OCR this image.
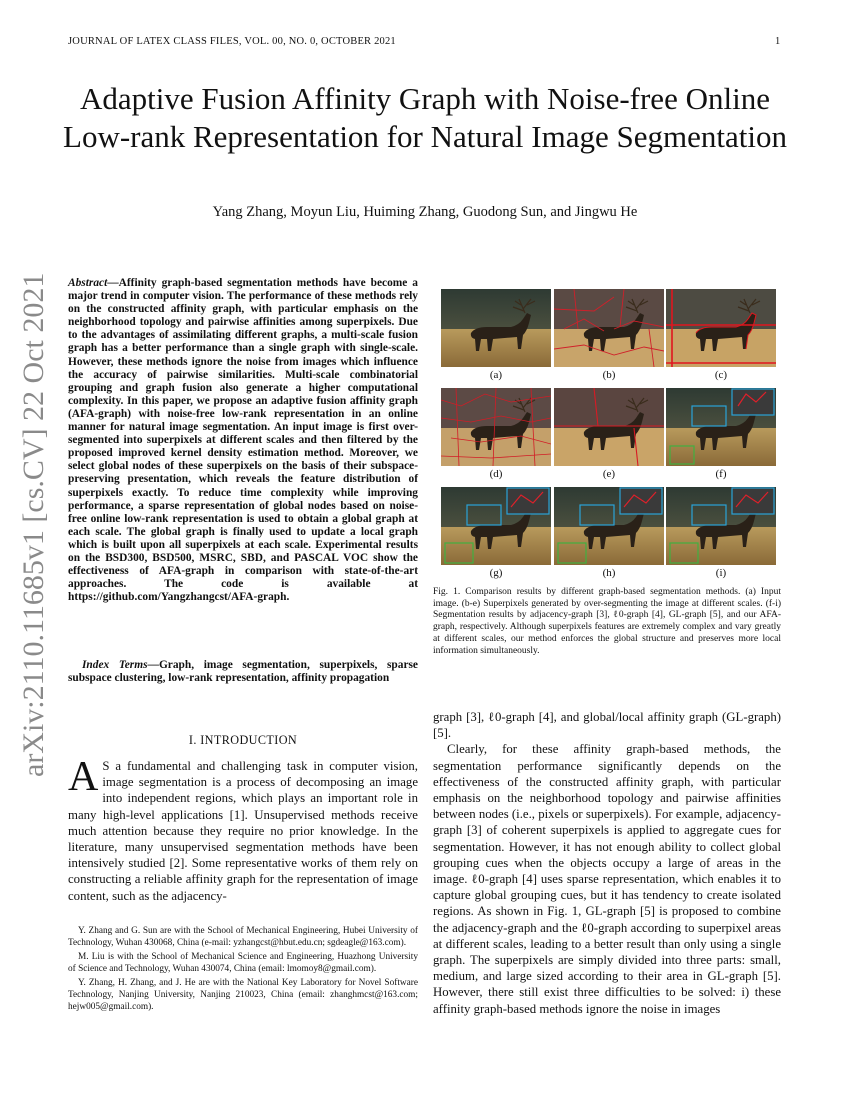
JOURNAL OF LATEX CLASS FILES, VOL. 00, NO. 0, OCTOBER 2021	1
Adaptive Fusion Affinity Graph with Noise-free Online Low-rank Representation for Natural Image Segmentation
Yang Zhang, Moyun Liu, Huiming Zhang, Guodong Sun, and Jingwu He
arXiv:2110.11685v1 [cs.CV] 22 Oct 2021 Abstract—Affinity graph-based segmentation methods have become a major trend in computer vision. The performance of these methods rely on the constructed affinity graph, with particular emphasis on the neighborhood topology and pairwise affinities among superpixels. Due to the advantages of assimilating different graphs, a multi-scale fusion graph has a better performance than a single graph with single-scale. However, these methods ignore the noise from images which influence the accuracy of pairwise similarities. Multi-scale combinatorial grouping and graph fusion also generate a higher computational complexity. In this paper, we propose an adaptive fusion affinity graph (AFA-graph) with noise-free low-rank representation in an online manner for natural image segmentation. An input image is first over-segmented into superpixels at different scales and then filtered by the proposed improved kernel density estimation method. Moreover, we select global nodes of these superpixels on the basis of their subspace-preserving presentation, which reveals the feature distribution of superpixels exactly. To reduce time complexity while improving performance, a sparse representation of global nodes based on noise-free online low-rank representation is used to obtain a global graph at each scale. The global graph is finally used to update a local graph which is built upon all superpixels at each scale. Experimental results on the BSD300, BSD500, MSRC, SBD, and PASCAL VOC show the effectiveness of AFA-graph in comparison with state-of-the-art approaches. The code is available at https://github.com/Yangzhangcst/AFA-graph.
Index Terms—Graph, image segmentation, superpixels, sparse subspace clustering, low-rank representation, affinity propagation
I. INTRODUCTION
A S a fundamental and challenging task in computer vision, image segmentation is a process of decomposing an image into independent regions, which plays an important role in many high-level applications [1]. Unsupervised methods receive much attention because they require no prior knowledge. In the literature, many unsupervised segmentation methods have been intensively studied [2]. Some representative works of them rely on constructing a reliable affinity graph for the representation of image content, such as the adjacency-

Y. Zhang and G. Sun are with the School of Mechanical Engineering, Hubei University of Technology, Wuhan 430068, China (e-mail: yzhangcst@hbut.edu.cn; sgdeagle@163.com).

M. Liu is with the School of Mechanical Science and Engineering, Huazhong University of Science and Technology, Wuhan 430074, China (email: lmomoy8@gmail.com).

Y. Zhang, H. Zhang, and J. He are with the National Key Laboratory for Novel Software Technology, Nanjing University, Nanjing 210023, China (email: zhanghmcst@163.com; hejw005@gmail.com).

(a)	(b)	(c)
(d)	(e)	(f)
(g)	(h)	(i)
Fig. 1. Comparison results by different graph-based segmentation methods. (a) Input image. (b-e) Superpixels generated by over-segmenting the image at different scales. (f-i) Segmentation results by adjacency-graph [3], ℓ0-graph [4], GL-graph [5], and our AFA-graph, respectively. Although superpixels features are extremely complex and vary greatly at different scales, our method enforces the global structure and preserves more local information simultaneously.

graph [3], ℓ0-graph [4], and global/local affinity graph (GL-graph) [5].

Clearly, for these affinity graph-based methods, the segmentation performance significantly depends on the effectiveness of the constructed affinity graph, with particular emphasis on the neighborhood topology and pairwise affinities between nodes (i.e., pixels or superpixels). For example, adjacency-graph [3] of coherent superpixels is applied to aggregate cues for segmentation. However, it has not enough ability to collect global grouping cues when the objects occupy a large of areas in the image. ℓ0-graph [4] uses sparse representation, which enables it to capture global grouping cues, but it has tendency to create isolated regions. As shown in Fig. 1, GL-graph [5] is proposed to combine the adjacency-graph and the ℓ0-graph according to superpixel areas at different scales, leading to a better result than only using a single graph. The superpixels are simply divided into three parts: small, medium, and large sized according to their area in GL-graph [5]. However, there still exist three difficulties to be solved: i) these affinity graph-based methods ignore the noise in images
